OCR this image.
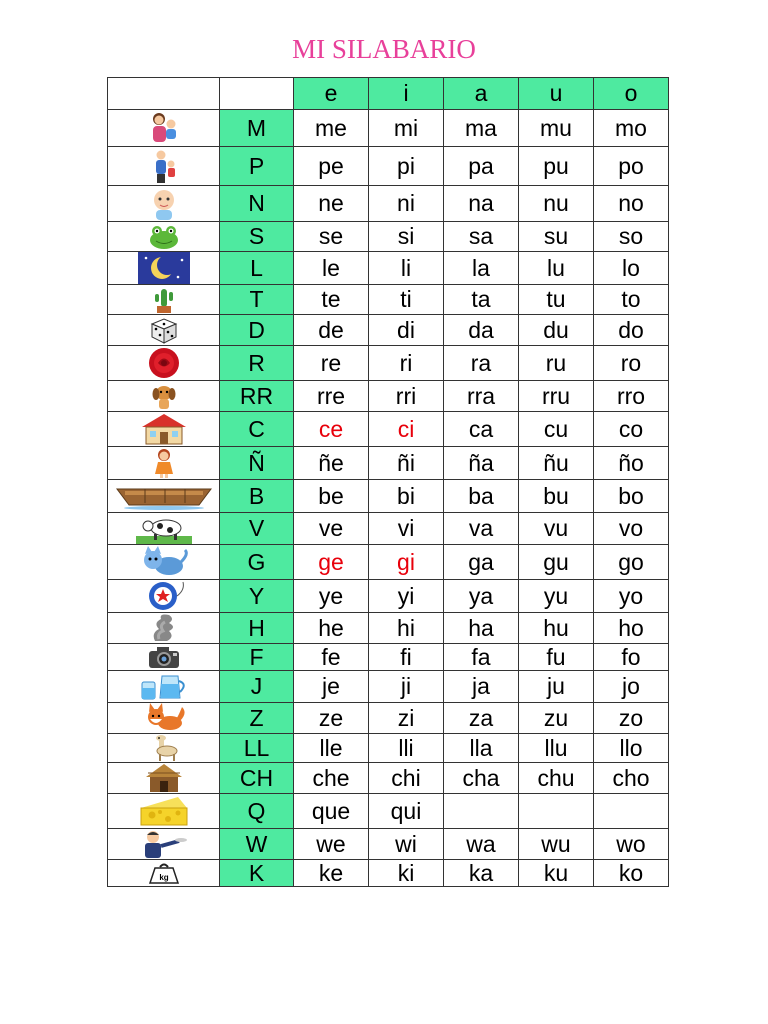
MI SILABARIO
		e	i	a	u	o

	M	me	mi	ma	mu	mo

	P	pe	pi	pa	pu	po

	N	ne	ni	na	nu	no

	S	se	si	sa	su	so

	L	le	li	la	lu	lo

	T	te	ti	ta	tu	to

	D	de	di	da	du	do

	R	re	ri	ra	ru	ro

	RR	rre	rri	rra	rru	rro

	C	ce	ci	ca	cu	co

	Ñ	ñe	ñi	ña	ñu	ño

	B	be	bi	ba	bu	bo

	V	ve	vi	va	vu	vo

	G	ge	gi	ga	gu	go

	Y	ye	yi	ya	yu	yo

	H	he	hi	ha	hu	ho

	F	fe	fi	fa	fu	fo

	J	je	ji	ja	ju	jo

	Z	ze	zi	za	zu	zo

	LL	lle	lli	lla	llu	llo

	CH	che	chi	cha	chu	cho

	Q	que	qui			

	W	we	wi	wa	wu	wo

kg	K	ke	ki	ka	ku	ko
